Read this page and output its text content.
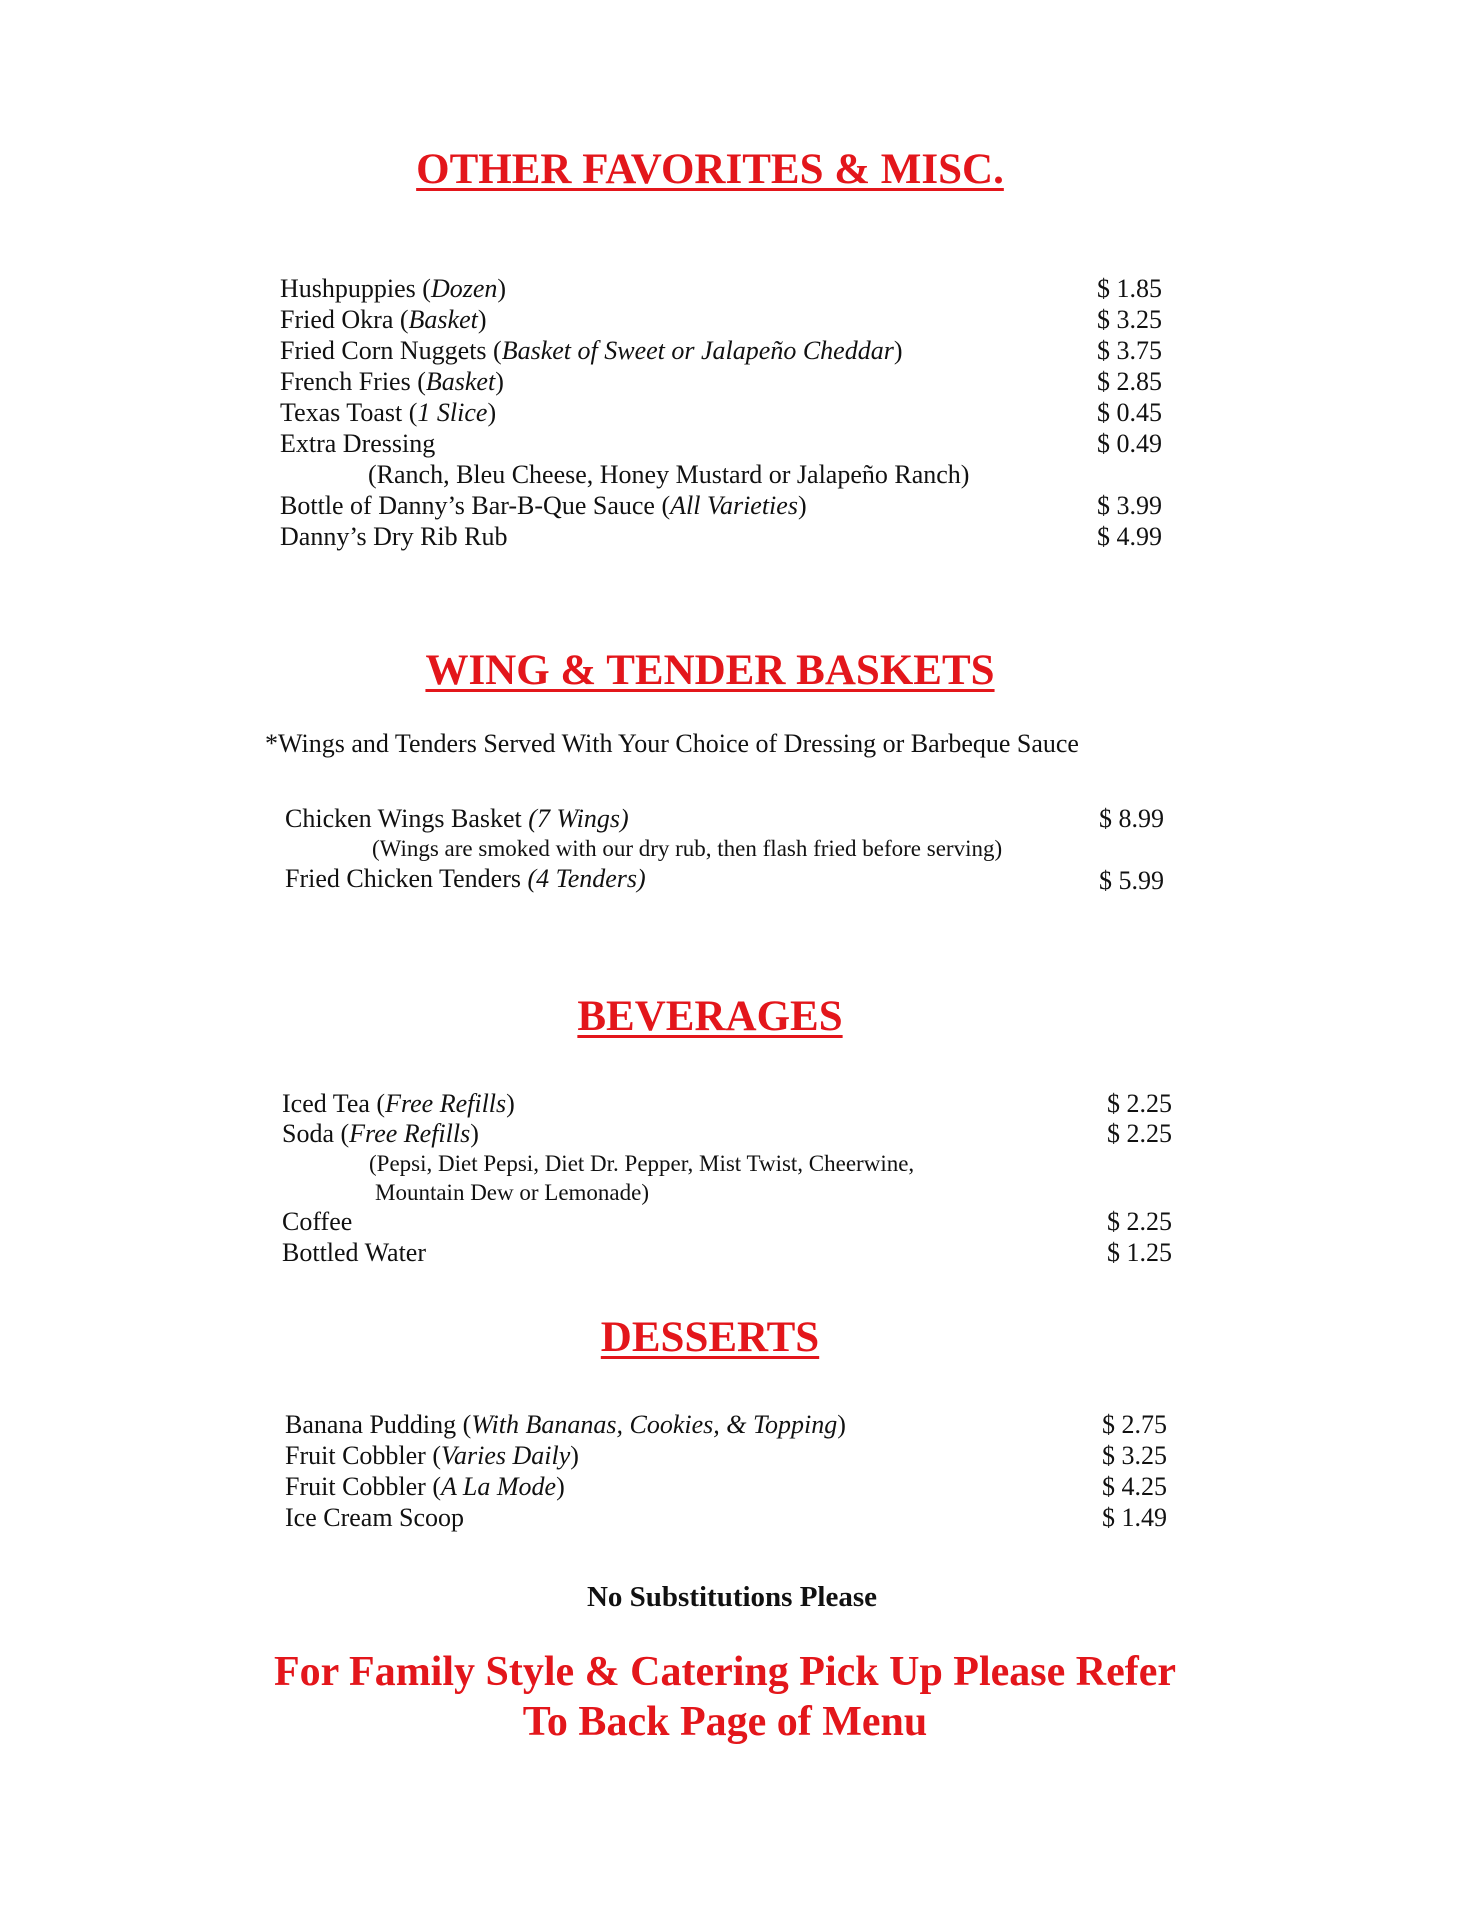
OTHER FAVORITES & MISC.
Hushpuppies (Dozen)	$ 1.85
Fried Okra (Basket)	$ 3.25
Fried Corn Nuggets (Basket of Sweet or Jalapeño Cheddar)	$ 3.75
French Fries (Basket)	$ 2.85
Texas Toast (1 Slice)	$ 0.45
Extra Dressing	$ 0.49
(Ranch, Bleu Cheese, Honey Mustard or Jalapeño Ranch)
Bottle of Danny’s Bar-B-Que Sauce (All Varieties)	$ 3.99
Danny’s Dry Rib Rub	$ 4.99
WING & TENDER BASKETS
*Wings and Tenders Served With Your Choice of Dressing or Barbeque Sauce
Chicken Wings Basket (7 Wings)	$ 8.99
(Wings are smoked with our dry rub, then flash fried before serving)
Fried Chicken Tenders (4 Tenders)	$ 5.99
BEVERAGES
Iced Tea (Free Refills)	$ 2.25
Soda (Free Refills)	$ 2.25
(Pepsi, Diet Pepsi, Diet Dr. Pepper, Mist Twist, Cheerwine,
Mountain Dew or Lemonade)
Coffee	$ 2.25
Bottled Water	$ 1.25
DESSERTS
Banana Pudding (With Bananas, Cookies, & Topping)	$ 2.75
Fruit Cobbler (Varies Daily)	$ 3.25
Fruit Cobbler (A La Mode)	$ 4.25
Ice Cream Scoop	$ 1.49
No Substitutions Please
For Family Style & Catering Pick Up Please Refer
To Back Page of Menu
